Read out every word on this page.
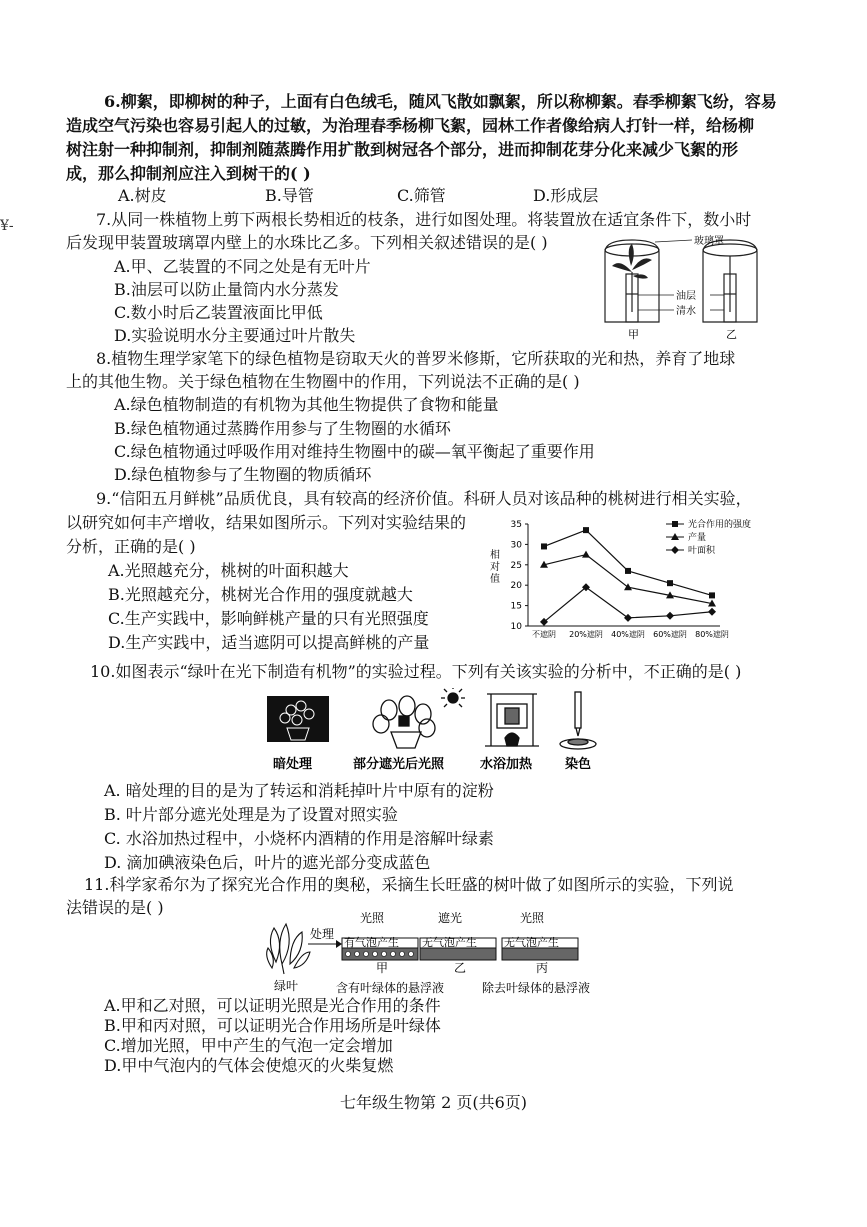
¥-
6.柳絮，即柳树的种子，上面有白色绒毛，随风飞散如飘絮，所以称柳絮。春季柳絮飞纷，容易
造成空气污染也容易引起人的过敏，为治理春季杨柳飞絮，园林工作者像给病人打针一样，给杨柳
树注射一种抑制剂，抑制剂随蒸腾作用扩散到树冠各个部分，进而抑制花芽分化来减少飞絮的形
成，那么抑制剂应注入到树干的( )
A.树皮	B.导管	C.筛管	D.形成层
7.从同一株植物上剪下两根长势相近的枝条，进行如图处理。将装置放在适宜条件下，数小时
后发现甲装置玻璃罩内壁上的水珠比乙多。下列相关叙述错误的是( )
A.甲、乙装置的不同之处是有无叶片
B.油层可以防止量筒内水分蒸发
C.数小时后乙装置液面比甲低
D.实验说明水分主要通过叶片散失
玻璃罩
油层
清水
甲	乙
8.植物生理学家笔下的绿色植物是窃取天火的普罗米修斯，它所获取的光和热，养育了地球
上的其他生物。关于绿色植物在生物圈中的作用，下列说法不正确的是( )
A.绿色植物制造的有机物为其他生物提供了食物和能量
B.绿色植物通过蒸腾作用参与了生物圈的水循环
C.绿色植物通过呼吸作用对维持生物圈中的碳—氧平衡起了重要作用
D.绿色植物参与了生物圈的物质循环
9.“信阳五月鲜桃”品质优良，具有较高的经济价值。科研人员对该品种的桃树进行相关实验，
以研究如何丰产增收，结果如图所示。下列对实验结果的
分析，正确的是( )
A.光照越充分，桃树的叶面积越大
B.光照越充分，桃树光合作用的强度就越大
C.生产实践中，影响鲜桃产量的只有光照强度
D.生产实践中，适当遮阴可以提高鲜桃的产量
相
对
值
10
15
20
25
30
35
不遮阴 20%遮阴 40%遮阴 60%遮阴 80%遮阴
光合作用的强度
产量
叶面积
10.如图表示“绿叶在光下制造有机物”的实验过程。下列有关该实验的分析中，不正确的是( )
暗处理	部分遮光后光照	水浴加热	染色
A. 暗处理的目的是为了转运和消耗掉叶片中原有的淀粉
B. 叶片部分遮光处理是为了设置对照实验
C. 水浴加热过程中，小烧杯内酒精的作用是溶解叶绿素
D. 滴加碘液染色后，叶片的遮光部分变成蓝色
11.科学家希尔为了探究光合作用的奥秘，采摘生长旺盛的树叶做了如图所示的实验，下列说
法错误的是( )
绿叶
处理
光照
有气泡产生
甲
遮光
无气泡产生
乙
光照
无气泡产生
丙
含有叶绿体的悬浮液	除去叶绿体的悬浮液
A.甲和乙对照，可以证明光照是光合作用的条件
B.甲和丙对照，可以证明光合作用场所是叶绿体
C.增加光照，甲中产生的气泡一定会增加
D.甲中气泡内的气体会使熄灭的火柴复燃
七年级生物第 2 页(共6页)
